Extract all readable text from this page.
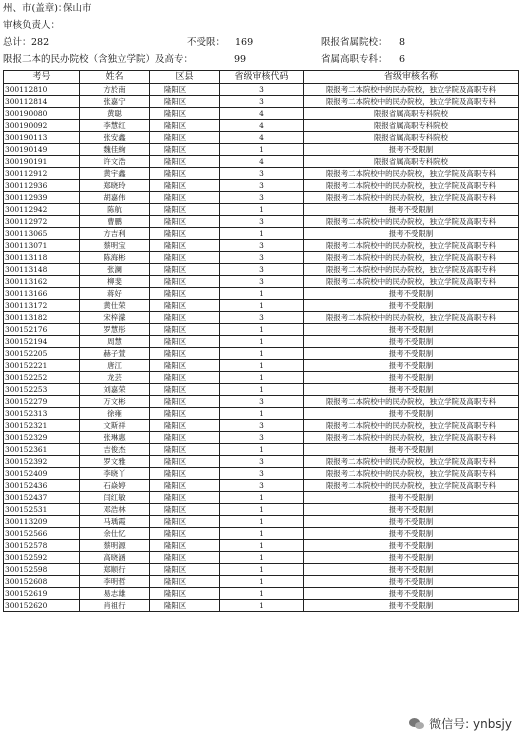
州、市(盖章)：
保山市
审核负责人：
总计： 282	不受限： 169	限报省属院校： 8
限报二本的民办院校（含独立学院）及高专：	99	省属高职专科： 6
考号	姓名	区县	省级审核代码	省级审核名称
300112810	方於南	隆阳区	3	限报考二本院校中的民办院校，独立学院及高职专科
300112814	张嘉宁	隆阳区	3	限报考二本院校中的民办院校，独立学院及高职专科
300190080	黄聪	隆阳区	4	限报省属高职专科院校
300190092	李慧红	隆阳区	4	限报省属高职专科院校
300190113	张安鑫	隆阳区	4	限报省属高职专科院校
300190149	魏佳絢	隆阳区	1	报考不受限制
300190191	许文浩	隆阳区	4	限报省属高职专科院校
300112912	黄宇鑫	隆阳区	3	限报考二本院校中的民办院校，独立学院及高职专科
300112936	郑晓玲	隆阳区	3	限报考二本院校中的民办院校，独立学院及高职专科
300112939	胡嘉伟	隆阳区	3	限报考二本院校中的民办院校，独立学院及高职专科
300112942	陈航	隆阳区	1	报考不受限制
300112972	曹鹏	隆阳区	3	限报考二本院校中的民办院校，独立学院及高职专科
300113065	方吉利	隆阳区	1	报考不受限制
300113071	蔡明宝	隆阳区	3	限报考二本院校中的民办院校，独立学院及高职专科
300113118	陈海彬	隆阳区	3	限报考二本院校中的民办院校，独立学院及高职专科
300113148	张澜	隆阳区	3	限报考二本院校中的民办院校，独立学院及高职专科
300113162	柳斐	隆阳区	3	限报考二本院校中的民办院校，独立学院及高职专科
300113166	蒋好	隆阳区	1	报考不受限制
300113172	黄仕荣	隆阳区	1	报考不受限制
300113182	宋梓濛	隆阳区	3	限报考二本院校中的民办院校，独立学院及高职专科
300152176	罗慧彤	隆阳区	1	报考不受限制
300152194	周慧	隆阳区	1	报考不受限制
300152205	赫子萱	隆阳区	1	报考不受限制
300152221	唐江	隆阳区	1	报考不受限制
300152252	龙芸	隆阳区	1	报考不受限制
300152253	刘嘉荣	隆阳区	1	报考不受限制
300152279	万文彬	隆阳区	3	限报考二本院校中的民办院校，独立学院及高职专科
300152313	徐雍	隆阳区	1	报考不受限制
300152321	文斯祥	隆阳区	3	限报考二本院校中的民办院校，独立学院及高职专科
300152329	张琳惠	隆阳区	3	限报考二本院校中的民办院校，独立学院及高职专科
300152361	吉俊杰	隆阳区	1	报考不受限制
300152392	罗文雅	隆阳区	3	限报考二本院校中的民办院校，独立学院及高职专科
300152409	李晓丫	隆阳区	3	限报考二本院校中的民办院校，独立学院及高职专科
300152436	石焱婷	隆阳区	3	限报考二本院校中的民办院校，独立学院及高职专科
300152437	闫红敏	隆阳区	1	报考不受限制
300152531	邓浩林	隆阳区	1	报考不受限制
300113209	马瑀霞	隆阳区	1	报考不受限制
300152566	余仕忆	隆阳区	1	报考不受限制
300152578	蔡明源	隆阳区	1	报考不受限制
300152592	高晓涵	隆阳区	1	报考不受限制
300152598	郑顺行	隆阳区	1	报考不受限制
300152608	李明哲	隆阳区	1	报考不受限制
300152619	易志雄	隆阳区	1	报考不受限制
300152620	肖祖行	隆阳区	1	报考不受限制
微信号: ynbsjy
